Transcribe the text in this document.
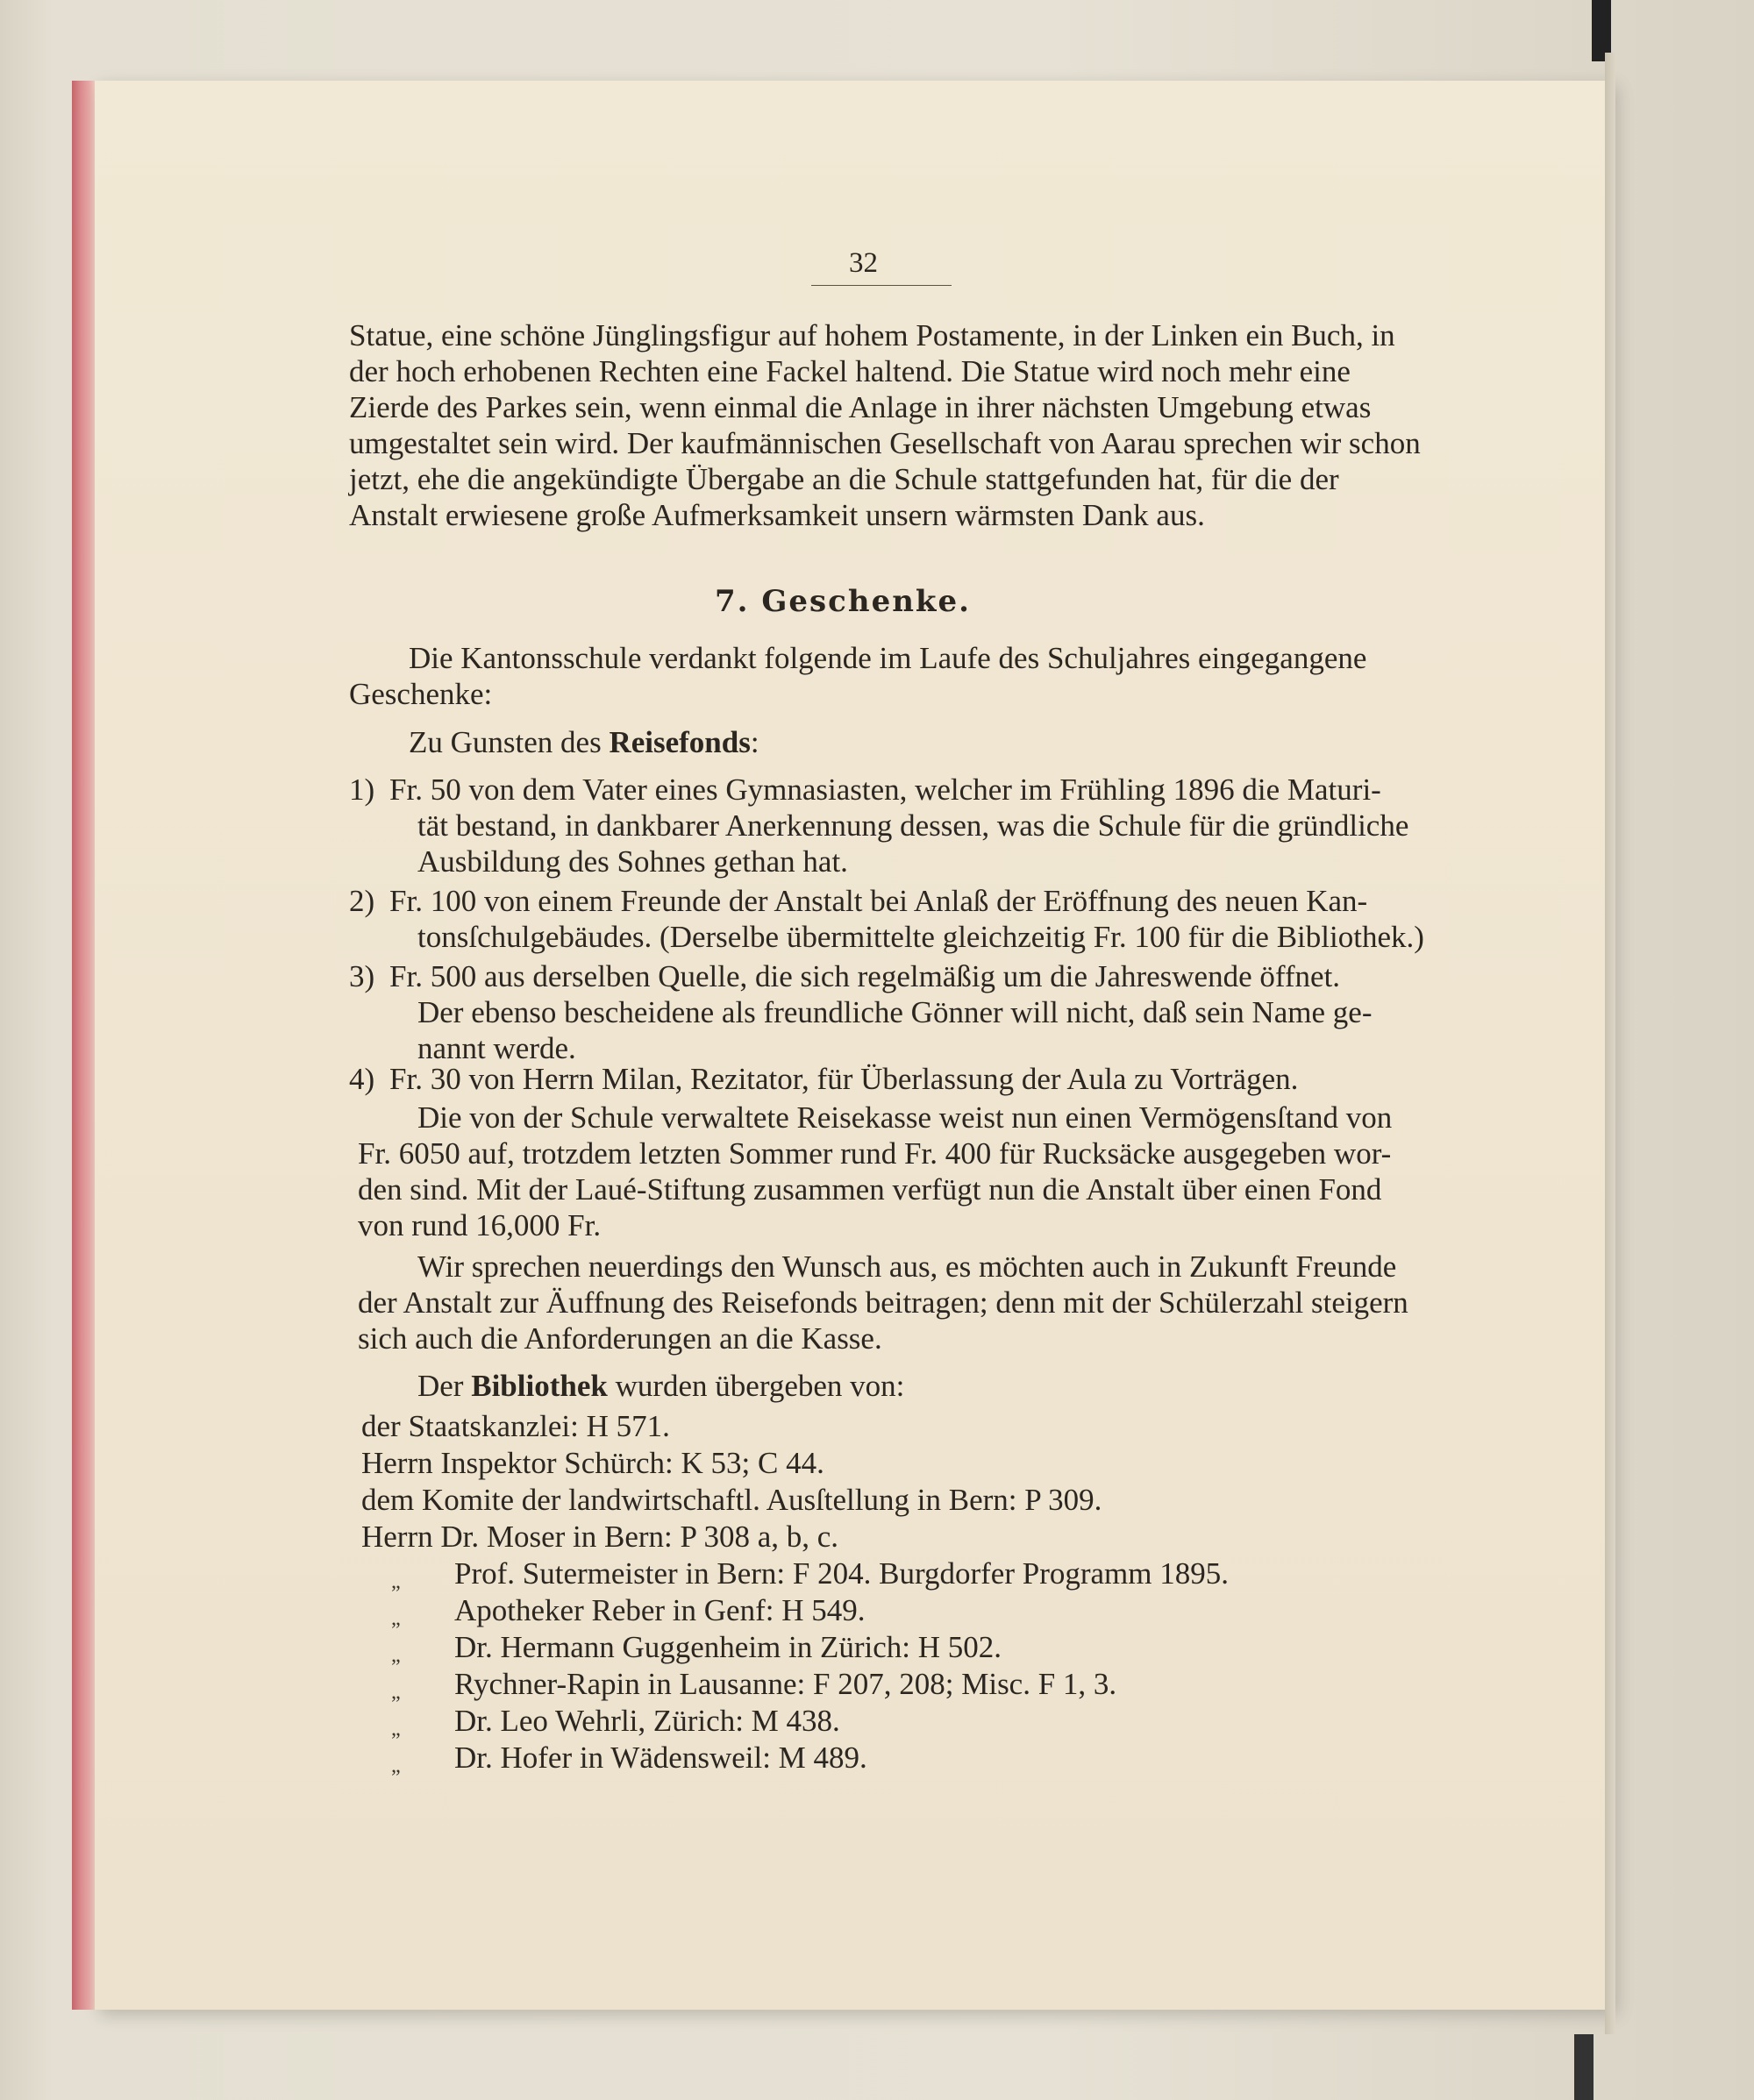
32
Statue, eine schöne Jünglingsfigur auf hohem Postamente, in der Linken ein Buch, in
der hoch erhobenen Rechten eine Fackel haltend. Die Statue wird noch mehr eine
Zierde des Parkes sein, wenn einmal die Anlage in ihrer nächsten Umgebung etwas
umgestaltet sein wird. Der kaufmännischen Gesellschaft von Aarau sprechen wir schon
jetzt, ehe die angekündigte Übergabe an die Schule stattgefunden hat, für die der
Anstalt erwiesene große Aufmerksamkeit unsern wärmsten Dank aus.
7. Geschenke.
Die Kantonsschule verdankt folgende im Laufe des Schuljahres eingegangene
Geschenke:
Zu Gunsten des Reisefonds:
1) Fr. 50 von dem Vater eines Gymnasiasten, welcher im Frühling 1896 die Maturi-
tät bestand, in dankbarer Anerkennung dessen, was die Schule für die gründliche
Ausbildung des Sohnes gethan hat.
2) Fr. 100 von einem Freunde der Anstalt bei Anlaß der Eröffnung des neuen Kan-
tonsſchulgebäudes. (Derselbe übermittelte gleichzeitig Fr. 100 für die Bibliothek.)
3) Fr. 500 aus derselben Quelle, die sich regelmäßig um die Jahreswende öffnet.
Der ebenso bescheidene als freundliche Gönner will nicht, daß sein Name ge-
nannt werde.
4) Fr. 30 von Herrn Milan, Rezitator, für Überlassung der Aula zu Vorträgen.
Die von der Schule verwaltete Reisekasse weist nun einen Vermögensſtand von
Fr. 6050 auf, trotzdem letzten Sommer rund Fr. 400 für Rucksäcke ausgegeben wor-
den sind. Mit der Laué-Stiftung zusammen verfügt nun die Anstalt über einen Fond
von rund 16,000 Fr.
Wir sprechen neuerdings den Wunsch aus, es möchten auch in Zukunft Freunde
der Anstalt zur Äuffnung des Reisefonds beitragen; denn mit der Schülerzahl steigern
sich auch die Anforderungen an die Kasse.
Der Bibliothek wurden übergeben von:
der Staatskanzlei: H 571.
Herrn Inspektor Schürch: K 53; C 44.
dem Komite der landwirtschaftl. Ausſtellung in Bern: P 309.
Herrn Dr. Moser in Bern: P 308 a, b, c.
„ Prof. Sutermeister in Bern: F 204. Burgdorfer Programm 1895.
„ Apotheker Reber in Genf: H 549.
„ Dr. Hermann Guggenheim in Zürich: H 502.
„ Rychner-Rapin in Lausanne: F 207, 208; Misc. F 1, 3.
„ Dr. Leo Wehrli, Zürich: M 438.
„ Dr. Hofer in Wädensweil: M 489.
